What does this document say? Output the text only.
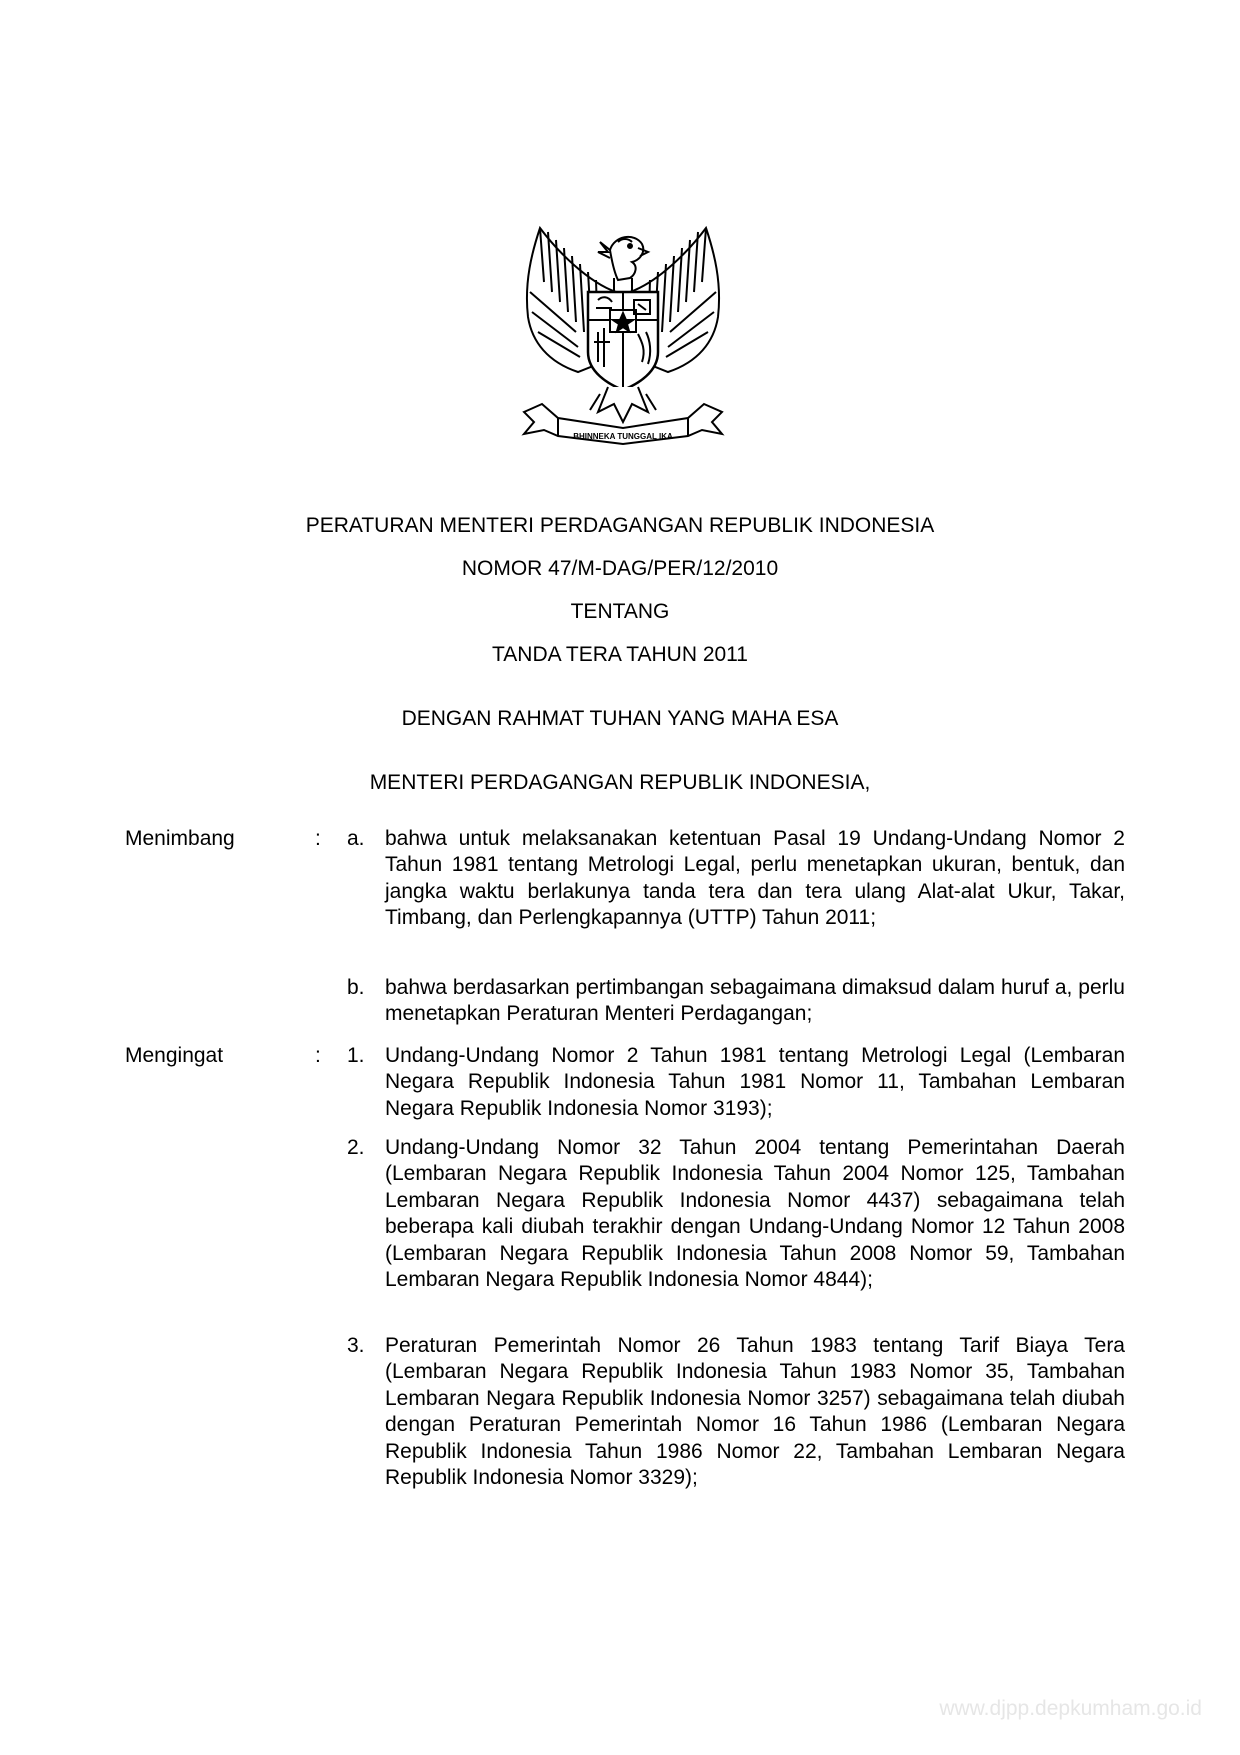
BHINNEKA TUNGGAL IKA
PERATURAN MENTERI PERDAGANGAN REPUBLIK INDONESIA
NOMOR 47/M-DAG/PER/12/2010
TENTANG
TANDA TERA TAHUN 2011
DENGAN RAHMAT TUHAN YANG MAHA ESA
MENTERI PERDAGANGAN REPUBLIK INDONESIA,
Menimbang	: a. bahwa untuk melaksanakan ketentuan Pasal 19 Undang-Undang Nomor 2 Tahun 1981 tentang Metrologi Legal, perlu menetapkan ukuran, bentuk, dan jangka waktu berlakunya tanda tera dan tera ulang Alat-alat Ukur, Takar, Timbang, dan Perlengkapannya (UTTP) Tahun 2011;
b. bahwa berdasarkan pertimbangan sebagaimana dimaksud dalam huruf a, perlu menetapkan Peraturan Menteri Perdagangan;
Mengingat	: 1. Undang-Undang Nomor 2 Tahun 1981 tentang Metrologi Legal (Lembaran Negara Republik Indonesia Tahun 1981 Nomor 11, Tambahan Lembaran Negara Republik Indonesia Nomor 3193);
2. Undang-Undang Nomor 32 Tahun 2004 tentang Pemerintahan Daerah (Lembaran Negara Republik Indonesia Tahun 2004 Nomor 125, Tambahan Lembaran Negara Republik Indonesia Nomor 4437) sebagaimana telah beberapa kali diubah terakhir dengan Undang-Undang Nomor 12 Tahun 2008 (Lembaran Negara Republik Indonesia Tahun 2008 Nomor 59, Tambahan Lembaran Negara Republik Indonesia Nomor 4844);
3. Peraturan Pemerintah Nomor 26 Tahun 1983 tentang Tarif Biaya Tera (Lembaran Negara Republik Indonesia Tahun 1983 Nomor 35, Tambahan Lembaran Negara Republik Indonesia Nomor 3257) sebagaimana telah diubah dengan Peraturan Pemerintah Nomor 16 Tahun 1986 (Lembaran Negara Republik Indonesia Tahun 1986 Nomor 22, Tambahan Lembaran Negara Republik Indonesia Nomor 3329);
www.djpp.depkumham.go.id
